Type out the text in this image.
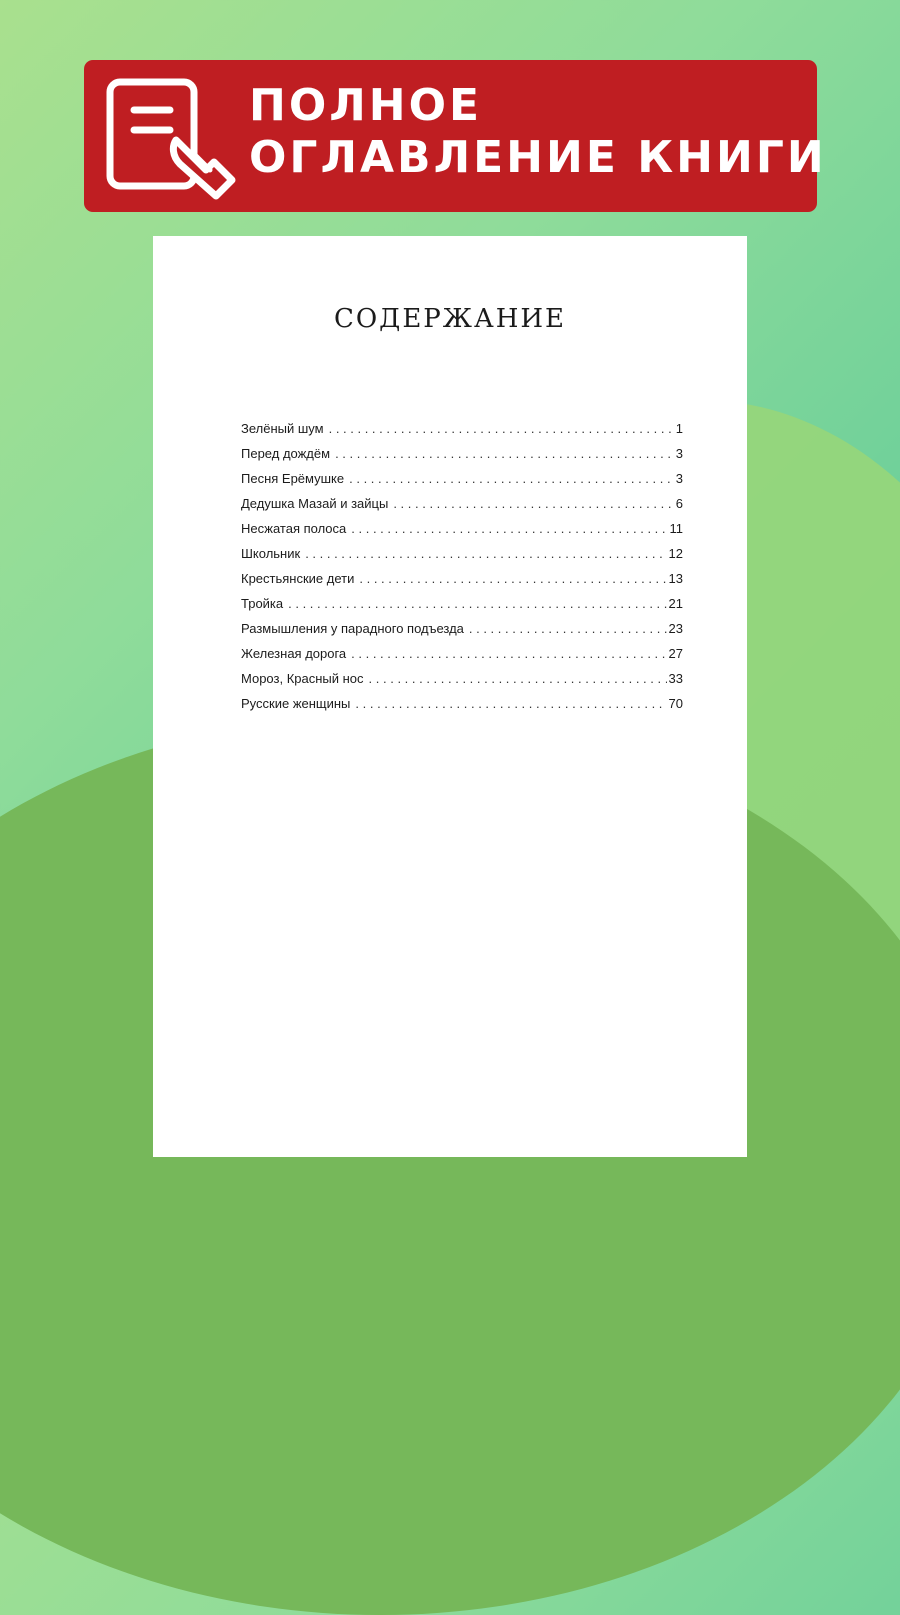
ПОЛНОЕ
ОГЛАВЛЕНИЕ КНИГИ
СОДЕРЖАНИЕ
Зелёный шум . . .	1
Перед дождём . . .	3
Песня Ерёмушке . . .	3
Дедушка Мазай и зайцы . . .	6
Несжатая полоса . . .	11
Школьник . . .	12
Крестьянские дети . . .	13
Тройка . . .	21
Размышления у парадного подъезда . . .	23
Железная дорога . . .	27
Мороз, Красный нос . . .	33
Русские женщины . . .	70
